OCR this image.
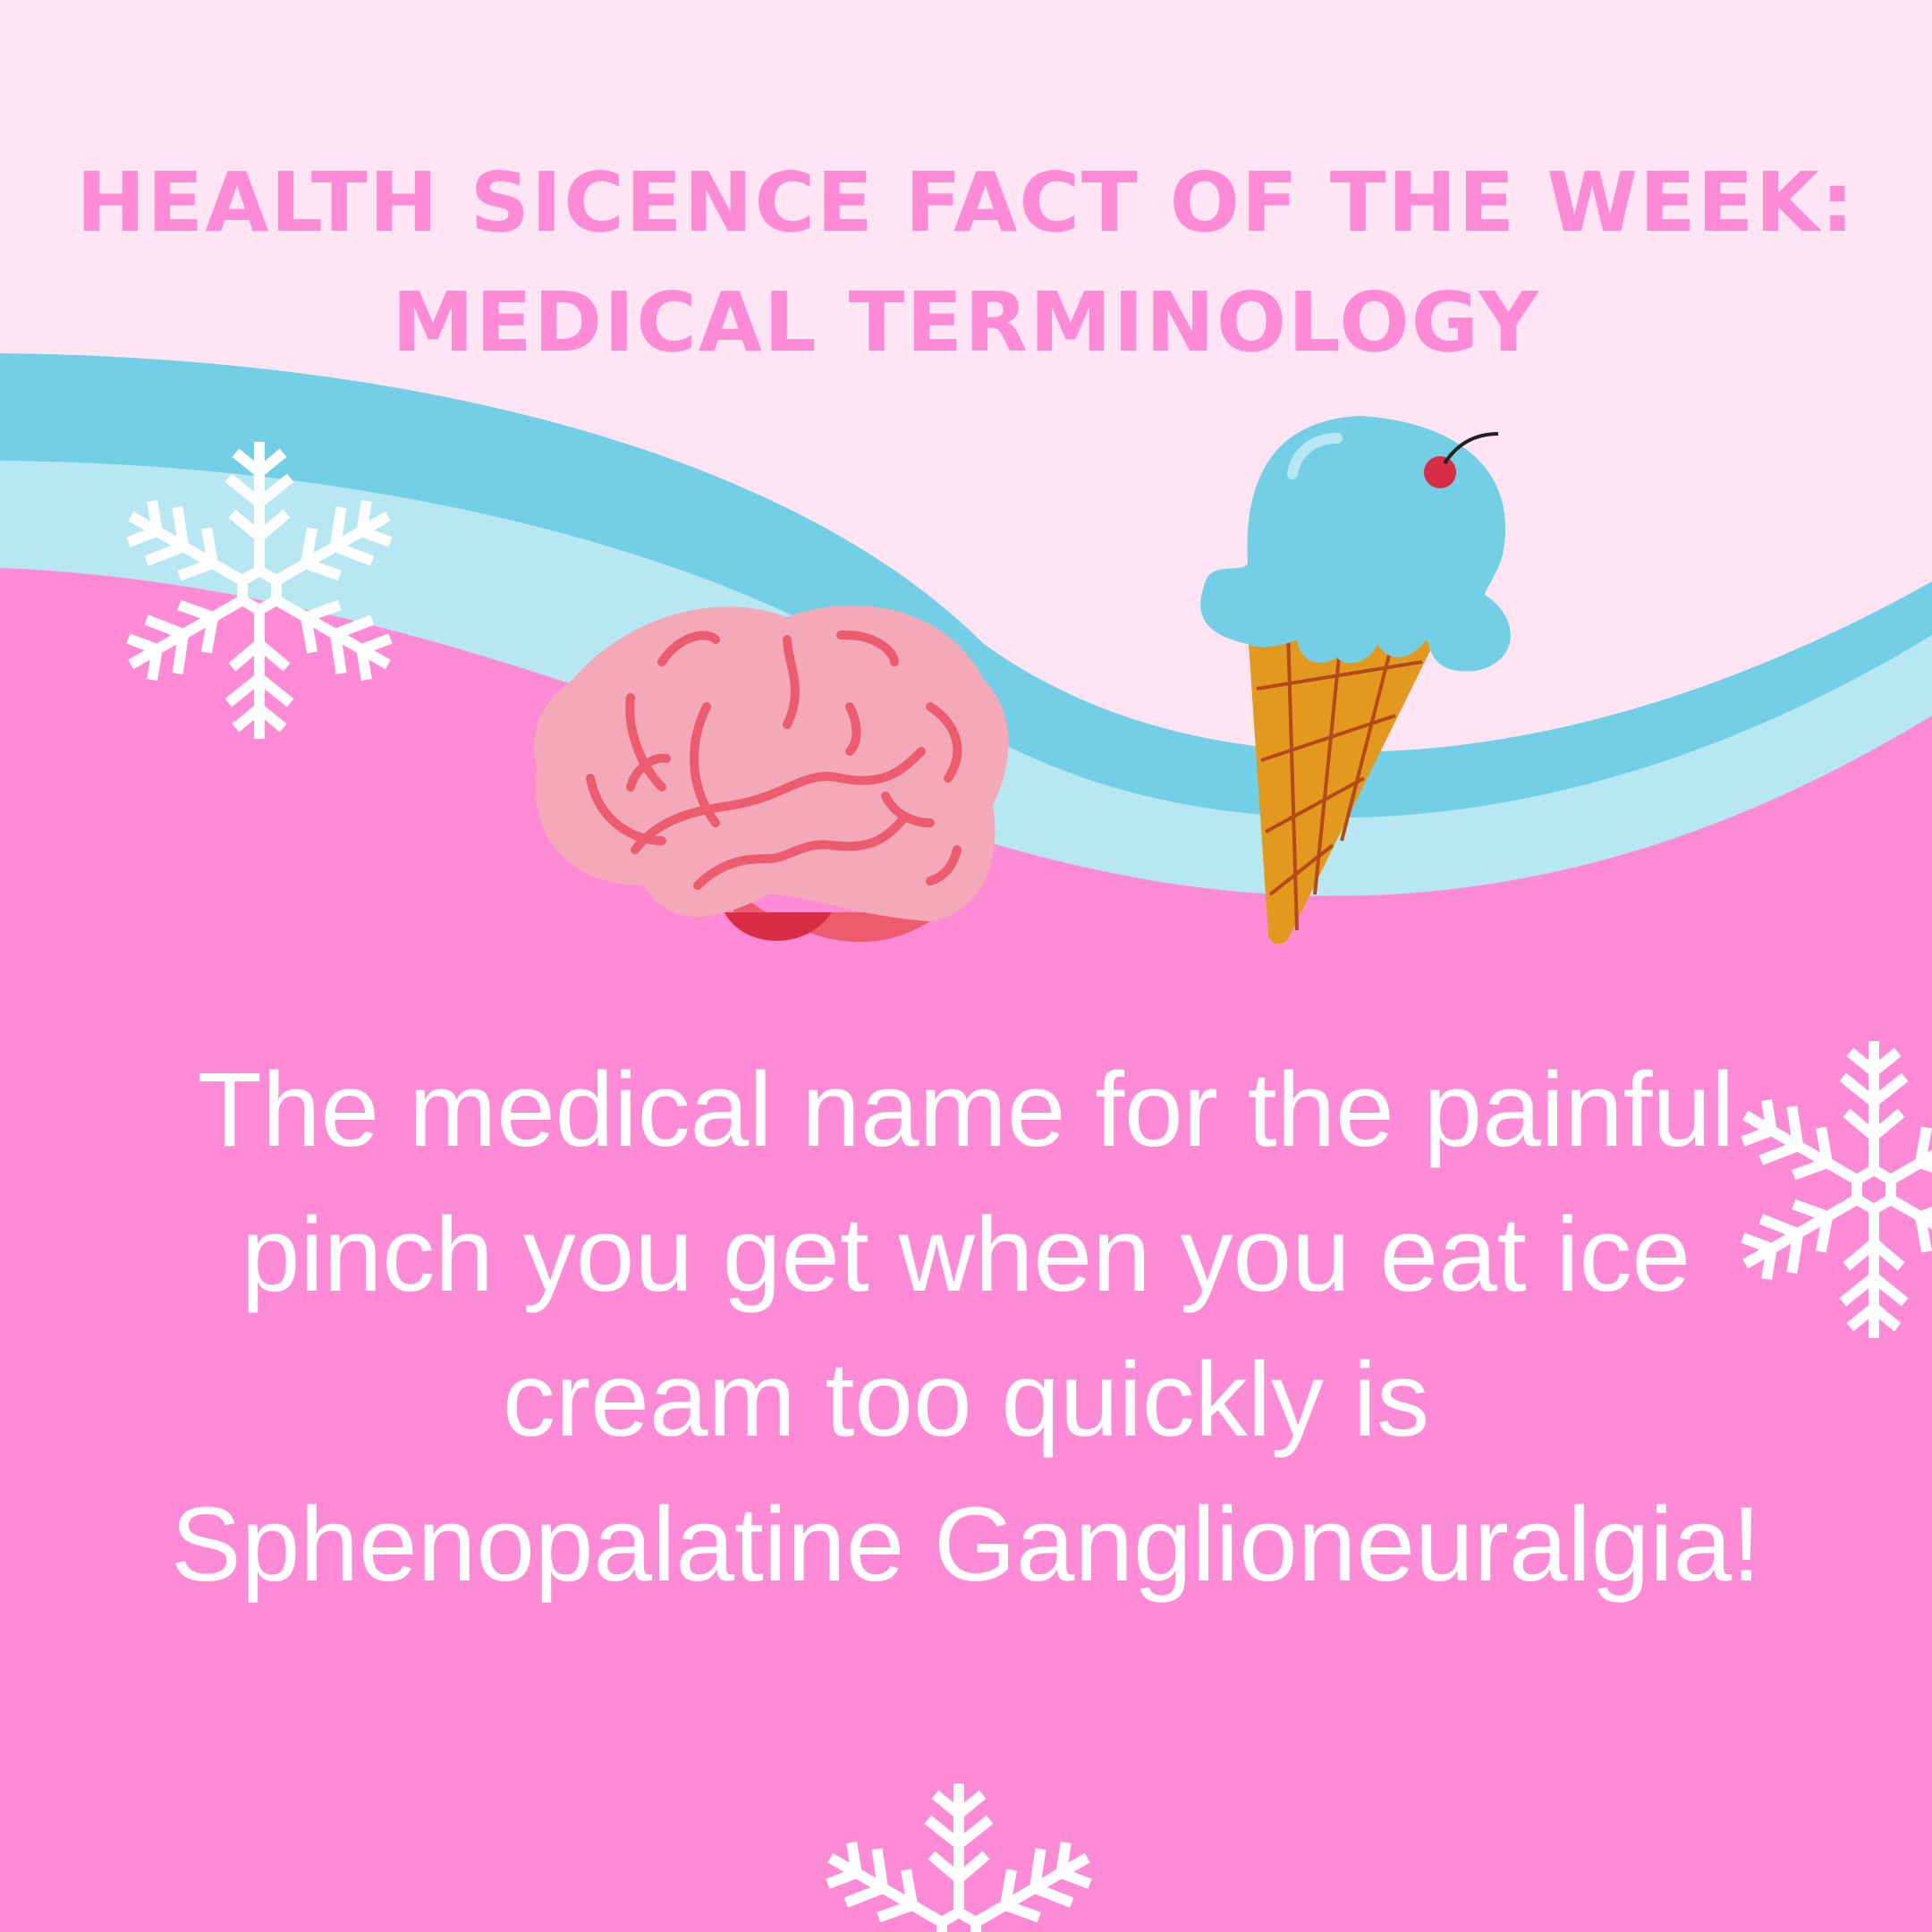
HEALTH SICENCE FACT OF THE WEEK:
MEDICAL TERMINOLOGY
The medical name for the painful pinch you get when you eat ice cream too quickly is Sphenopalatine Ganglioneuralgia!
